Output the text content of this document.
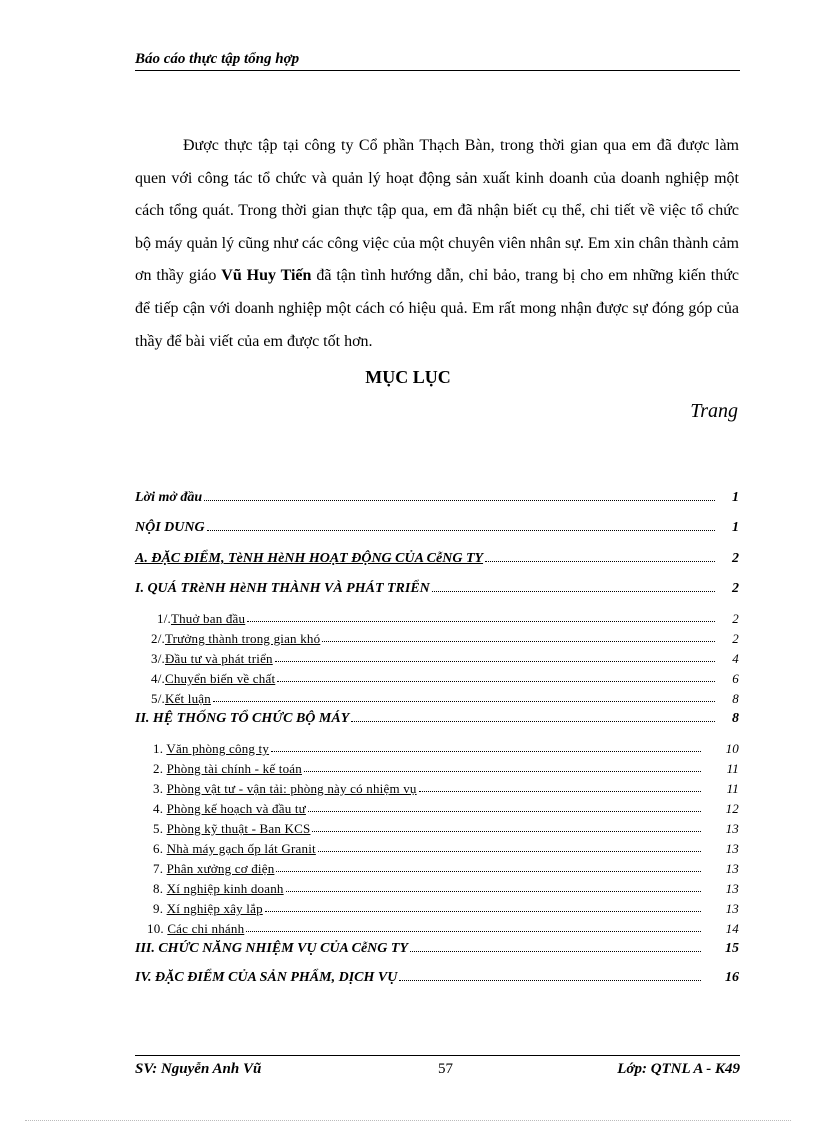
Báo cáo thực tập tổng hợp
Được thực tập tại công ty Cổ phần Thạch Bàn, trong thời gian qua em đã được làm quen với công tác tổ chức và quản lý hoạt động sản xuất kinh doanh của doanh nghiệp một cách tổng quát. Trong thời gian thực tập qua, em đã nhận biết cụ thể, chi tiết về việc tổ chức bộ máy quản lý cũng như các công việc của một chuyên viên nhân sự. Em xin chân thành cảm ơn thầy giáo Vũ Huy Tiến đã tận tình hướng dẫn, chỉ bảo, trang bị cho em những kiến thức để tiếp cận với doanh nghiệp một cách có hiệu quả. Em rất mong nhận được sự đóng góp của thầy để bài viết của em được tốt hơn.
MỤC LỤC
Trang
Lời mở đầu	1
NỘI DUNG	1
A. ĐẶC ĐIỂM, TèNH HèNH HOẠT ĐỘNG CỦA CễNG TY	2
I. QUÁ TRèNH HèNH THÀNH VÀ PHÁT TRIỂN	2
1/.Thuở ban đầu	2
2/.Trưởng thành trong gian khó	2
3/.Đầu tư và phát triển	4
4/.Chuyển biến về chất	6
5/.Kết luận	8
II. HỆ THỐNG TỔ CHỨC BỘ MÁY	8
1. Văn phòng công ty	10
2. Phòng tài chính - kế toán	11
3. Phòng vật tư - vận tải: phòng này có nhiệm vụ	11
4. Phòng kế hoạch và đầu tư	12
5. Phòng kỹ thuật - Ban KCS	13
6. Nhà máy gạch ốp lát Granit	13
7. Phân xưởng cơ điện	13
8. Xí nghiệp kinh doanh	13
9. Xí nghiệp xây lắp	13
10. Các chi nhánh	14
III. CHỨC NĂNG NHIỆM VỤ CỦA CễNG TY	15
IV. ĐẶC ĐIỂM CỦA SẢN PHẨM, DỊCH VỤ	16
SV: Nguyễn Anh Vũ	57	Lớp: QTNL A - K49
